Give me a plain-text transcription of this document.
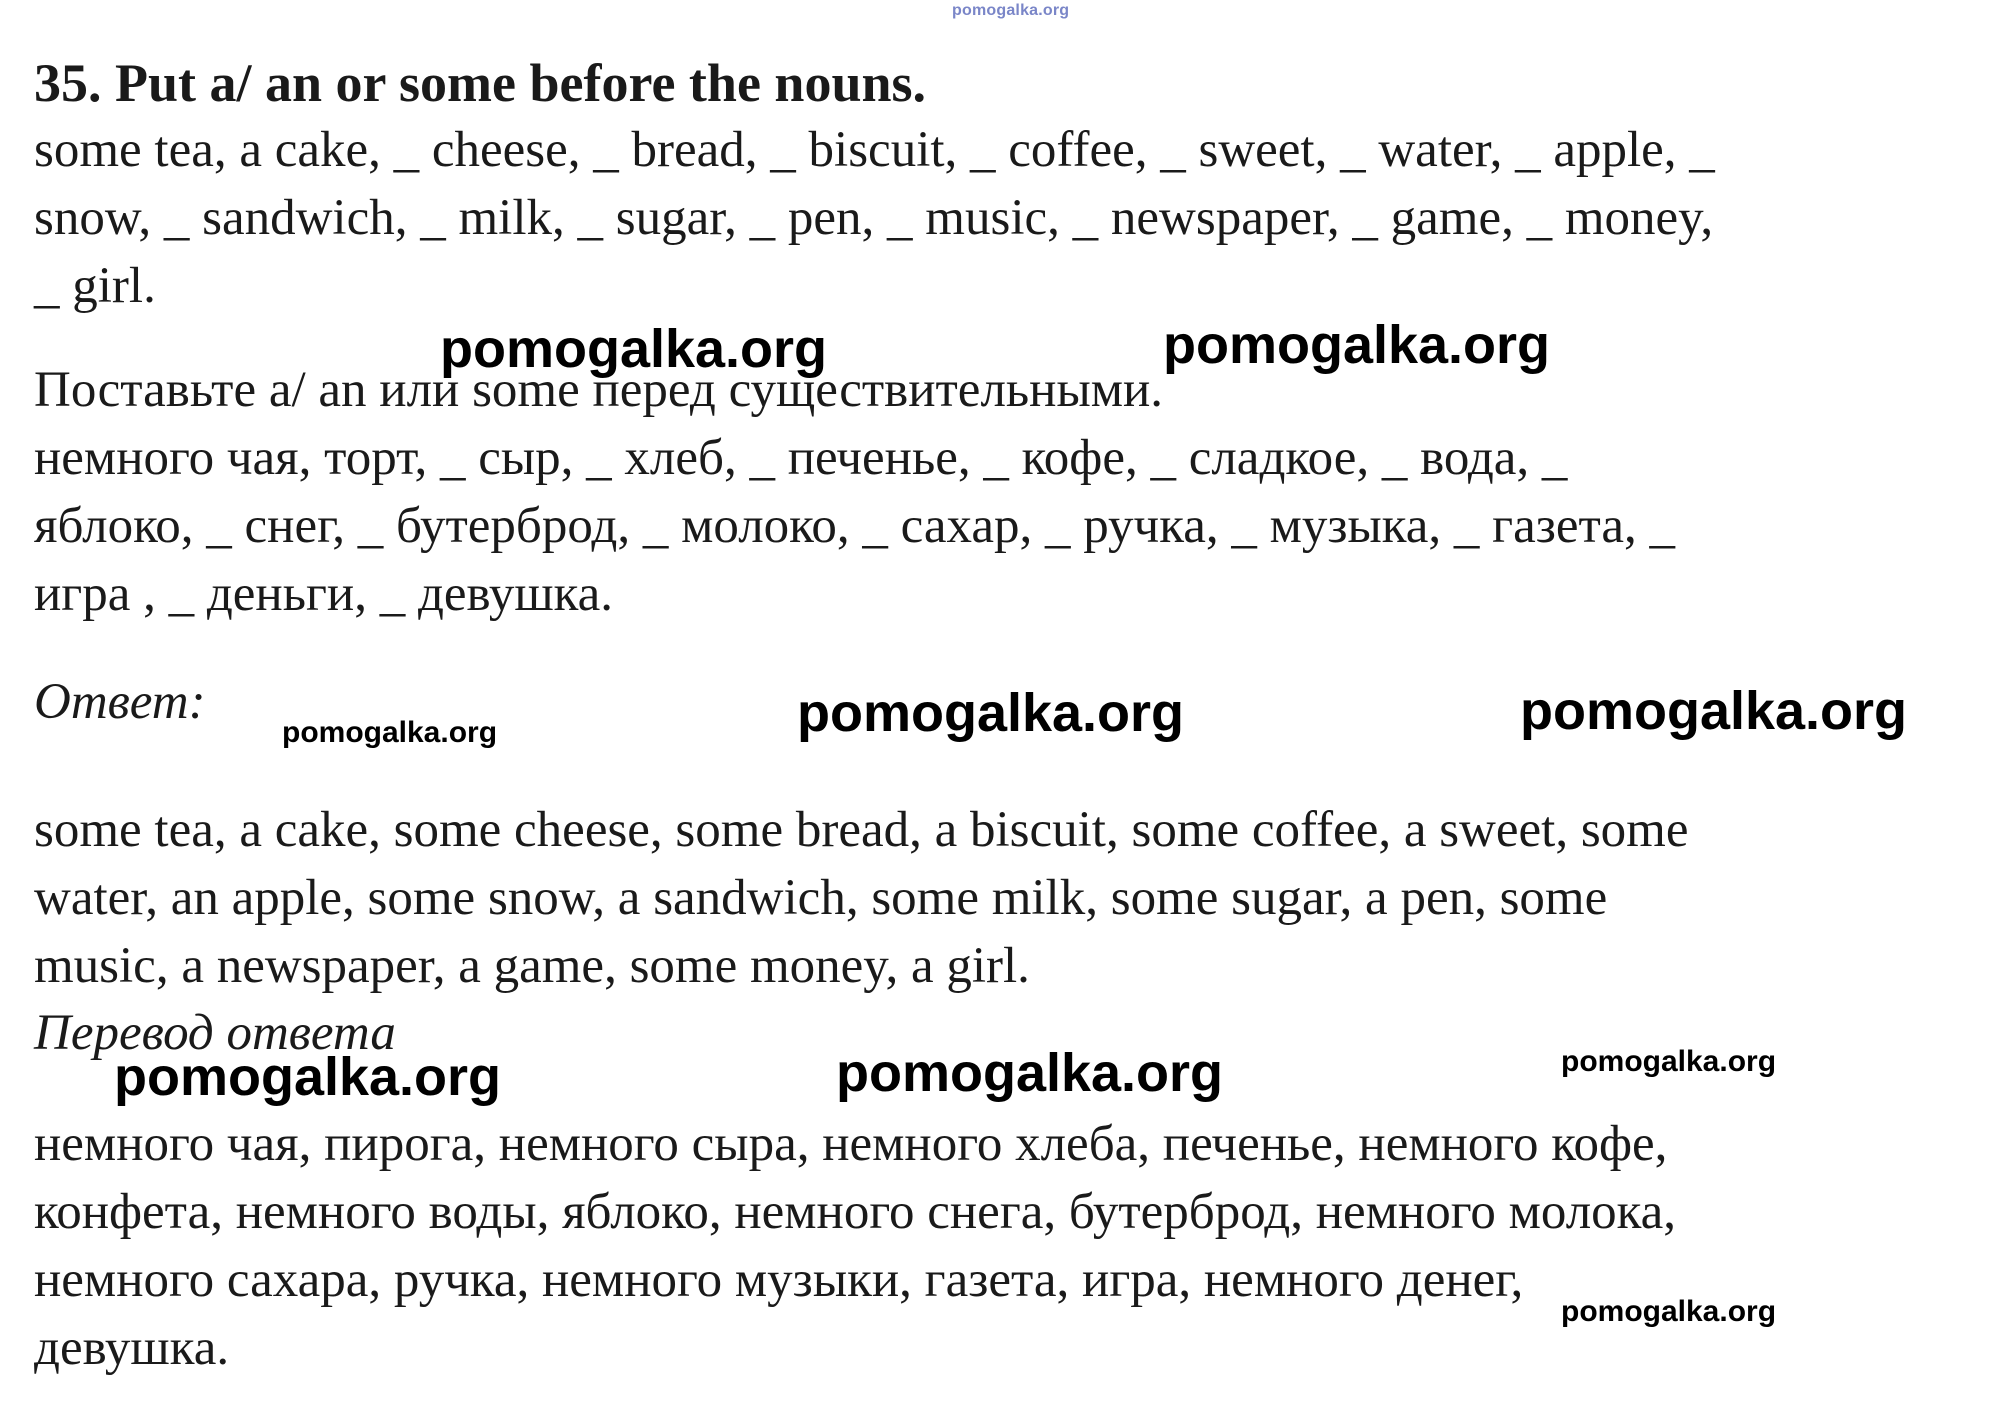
pomogalka.org

35. Put a/ an or some before the nouns.

some tea, a cake, _ cheese, _ bread, _ biscuit, _ coffee, _ sweet, _ water, _ apple, _
snow, _ sandwich, _ milk, _ sugar, _ pen, _ music, _ newspaper, _ game, _ money,
_ girl.

Поставьте a/ an или some перед существительными.
немного чая, торт, _ сыр, _ хлеб, _ печенье, _ кофе, _ сладкое, _ вода, _
яблоко, _ снег, _ бутерброд, _ молоко, _ сахар, _ ручка, _ музыка, _ газета, _
игра , _ деньги, _ девушка.

Ответ:

some tea, a cake, some cheese, some bread, a biscuit, some coffee, a sweet, some
water, an apple, some snow, a sandwich, some milk, some sugar, a pen, some
music, a newspaper, a game, some money, a girl.

Перевод ответа

немного чая, пирога, немного сыра, немного хлеба, печенье, немного кофе,
конфета, немного воды, яблоко, немного снега, бутерброд, немного молока,
немного сахара, ручка, немного музыки, газета, игра, немного денег,
девушка.

pomogalka.org	pomogalka.org
pomogalka.org	pomogalka.org	pomogalka.org
pomogalka.org	pomogalka.org	pomogalka.org
pomogalka.org
